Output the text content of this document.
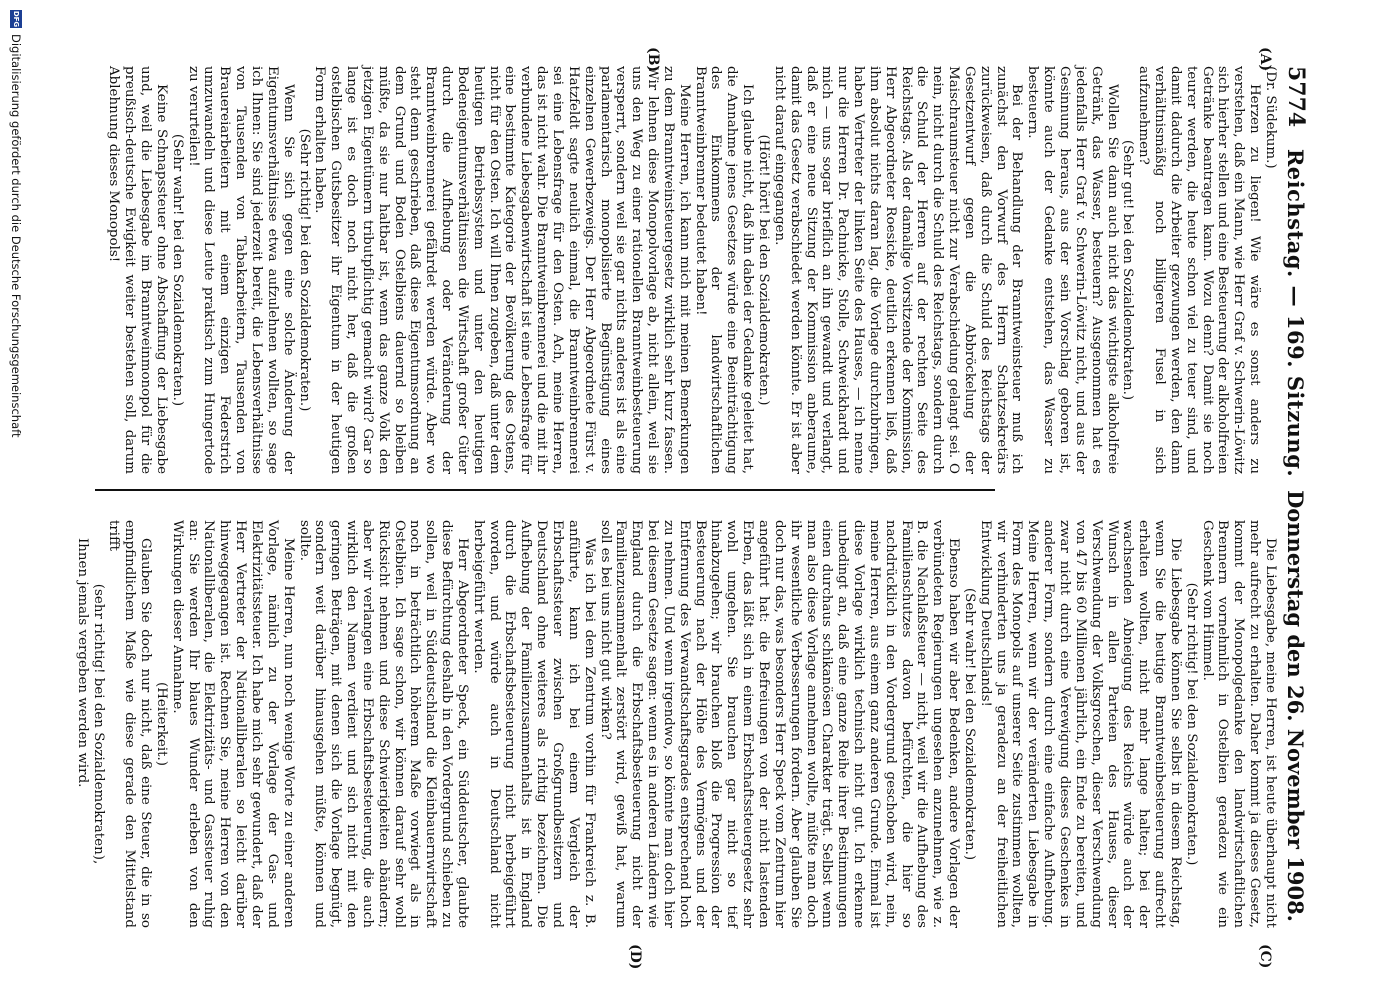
5774
Reichstag. — 169. Sitzung.
Donnerstag den 26. November 1908.
(A)
(B)
(C)
(D)

(Dr. Südekum.)

Herzen zu liegen! Wie wäre es sonst anders zu verstehen, daß ein Mann, wie Herr Graf v. Schwerin-Löwitz sich hierher stellen und eine Besteuerung der alkoholfreien Getränke beantragen kann. Wozu denn? Damit sie noch teurer werden, die heute schon viel zu teuer sind, und damit dadurch die Arbeiter gezwungen werden, den dann verhältnismäßig noch billigeren Fusel in sich aufzunehmen?

(Sehr gut! bei den Sozialdemokraten.)

Wollen Sie dann auch nicht das wichtigste alkoholfreie Getränk, das Wasser, besteuern? Ausgenommen hat es jedenfalls Herr Graf v. Schwerin-Löwitz nicht, und aus der Gesinnung heraus, aus der sein Vorschlag geboren ist, könnte auch der Gedanke entstehen, das Wasser zu besteuern.

Bei der Behandlung der Branntweinsteuer muß ich zunächst den Vorwurf des Herrn Schatzsekretärs zurückweisen, daß durch die Schuld des Reichstags der Gesetzentwurf gegen die Abbröckelung der Maischraumsteuer nicht zur Verabschiedung gelangt sei. O nein, nicht durch die Schuld des Reichstags, sondern durch die Schuld der Herren auf der rechten Seite des Reichstags. Als der damalige Vorsitzende der Kommission, Herr Abgeordneter Roesicke, deutlich erkennen ließ, daß ihm absolut nichts daran lag, die Vorlage durchzubringen, haben Vertreter der linken Seite des Hauses, — ich nenne nur die Herren Dr. Pachnicke, Stolle, Schweickhardt und mich — uns sogar brieflich an ihn gewandt und verlangt, daß er eine neue Sitzung der Kommission anberaume, damit das Gesetz verabschiedet werden könnte. Er ist aber nicht darauf eingegangen.

(Hört! hört! bei den Sozialdemokraten.)

Ich glaube nicht, daß ihn dabei der Gedanke geleitet hat, die Annahme jenes Gesetzes würde eine Beeinträchtigung des Einkommens der landwirtschaftlichen Branntweinbrenner bedeutet haben!

Meine Herren, ich kann mich mit meinen Bemerkungen zu dem Branntweinsteuergesetz wirklich sehr kurz fassen. Wir lehnen diese Monopolvorlage ab, nicht allein, weil sie uns den Weg zu einer rationellen Branntweinbesteuerung versperrt, sondern weil sie gar nichts anderes ist als eine parlamentarisch monopolisierte Begünstigung eines einzelnen Gewerbezweigs. Der Herr Abgeordnete Fürst v. Hatzfeldt sagte neulich einmal, die Branntweinbrennerei sei eine Lebensfrage für den Osten. Ach, meine Herren, das ist nicht wahr. Die Branntweinbrennerei und die mit ihr verbundene Liebesgabenwirtschaft ist eine Lebensfrage für eine bestimmte Kategorie der Bevölkerung des Ostens, nicht für den Osten. Ich will Ihnen zugeben, daß unter dem heutigen Betriebssystem und unter den heutigen Bodeneigentumsverhältnissen die Wirtschaft großer Güter durch die Aufhebung oder Veränderung der Branntweinbrennerei gefährdet werden würde. Aber wo steht denn geschrieben, daß diese Eigentumsordnung an dem Grund und Boden Ostelbiens dauernd so bleiben müßte, da sie nur haltbar ist, wenn das ganze Volk den jetzigen Eigentümern tributpflichtig gemacht wird? Gar so lange ist es doch noch nicht her, daß die großen ostelbischen Gutsbesitzer ihr Eigentum in der heutigen Form erhalten haben.

(Sehr richtig! bei den Sozialdemokraten.)

Wenn Sie sich gegen eine solche Änderung der Eigentumsverhältnisse etwa aufzulehnen wollten, so sage ich Ihnen: Sie sind jederzeit bereit, die Lebensverhältnisse von Tausenden von Tabakarbeitern, Tausenden von Brauereiarbeitern mit einem einzigen Federstrich umzuwandeln und diese Leute praktisch zum Hungertode zu verurteilen!

(Sehr wahr! bei den Sozialdemokraten.)

Keine Schnapssteuer ohne Abschaffung der Liebesgabe und, weil die Liebesgabe im Branntweinmonopol für die preußisch-deutsche Ewigkeit weiter bestehen soll, darum Ablehnung dieses Monopols!

Die Liebesgabe, meine Herren, ist heute überhaupt nicht mehr aufrecht zu erhalten. Daher kommt ja dieses Gesetz, kommt der Monopolgedanke den landwirtschaftlichen Brennern vornehmlich in Ostelbien geradezu wie ein Geschenk vom Himmel.

(Sehr richtig! bei den Sozialdemokraten.)

Die Liebesgabe können Sie selbst in diesem Reichstag, wenn Sie die heutige Branntweinbesteuerung aufrecht erhalten wollten, nicht mehr lange halten; bei der wachsenden Abneigung des Reichs würde auch der Wunsch in allen Parteien des Hauses, dieser Verschwendung der Volksgroschen, dieser Verschwendung von 47 bis 60 Millionen jährlich, ein Ende zu bereiten, und zwar nicht durch eine Verewigung dieses Geschenkes in anderer Form, sondern durch eine einfache Aufhebung. Meine Herren, wenn wir der veränderten Liebesgabe in Form des Monopols auf unserer Seite zustimmen wollten, wir verhinderten uns ja geradezu an der freiheitlichen Entwicklung Deutschlands!

(Sehr wahr! bei den Sozialdemokraten.)

Ebenso haben wir aber Bedenken, andere Vorlagen der verbündeten Regierungen ungesehen anzunehmen, wie z. B. die Nachlaßsteuer — nicht, weil wir die Aufhebung des Familienschutzes davon befürchten, die hier so nachdrücklich in den Vordergrund geschoben wird, nein, meine Herren, aus einem ganz anderen Grunde. Einmal ist diese Vorlage wirklich technisch nicht gut. Ich erkenne unbedingt an, daß eine ganze Reihe ihrer Bestimmungen einen durchaus schikanösen Charakter trägt. Selbst wenn man also diese Vorlage annehmen wollte, müßte man doch ihr wesentliche Verbesserungen fordern. Aber glauben Sie doch nur das, was besonders Herr Speck vom Zentrum hier angeführt hat: die Befreiungen von der nicht lastenden Erben, das läßt sich in einem Erbschaftssteuergesetz sehr wohl umgehen. Sie brauchen gar nicht so tief hinabzugehen; wir brauchen bloß die Progression der Besteuerung nach der Höhe des Vermögens und der Entfernung des Verwandtschaftsgrades entsprechend hoch zu nehmen. Und wenn irgendwo, so könnte man doch hier bei diesem Gesetze sagen: wenn es in anderen Ländern wie England durch die Erbschaftsbesteuerung nicht der Familienzusammenhalt zerstört wird, gewiß hat, warum soll es bei uns nicht gut wirken?

Was ich bei dem Zentrum vorhin für Frankreich z. B. anführte, kann ich bei einem Vergleich der Erbschaftssteuer zwischen Großgrundbesitzern und Deutschland ohne weiteres als richtig bezeichnen. Die Aufhebung der Familienzusammenhalts ist in England durch die Erbschaftsbesteuerung nicht herbeigeführt worden, und würde auch in Deutschland nicht herbeigeführt werden.

Herr Abgeordneter Speck, ein Süddeutscher, glaubte diese Befürchtung deshalb in den Vordergrund schieben zu sollen, weil in Süddeutschland die Kleinbauernwirtschaft noch in beträchtlich höherem Maße vorwiegt als in Ostelbien. Ich sage schon, wir können darauf sehr wohl Rücksicht nehmen und diese Schwierigkeiten abändern; aber wir verlangen eine Erbschaftsbesteuerung, die auch wirklich den Namen verdient und sich nicht mit den geringen Beträgen, mit denen sich die Vorlage begnügt, sondern weit darüber hinausgehen müßte, können und sollte.

Meine Herren, nun noch wenige Worte zu einer anderen Vorlage, nämlich zu der Vorlage der Gas- und Elektrizitätssteuer. Ich habe mich sehr gewundert, daß der Herr Vertreter der Nationalliberalen so leicht darüber hinweggegangen ist. Rechnen Sie, meine Herren von den Nationalliberalen, die Elektrizitäts- und Gassteuer ruhig an: Sie werden Ihr blaues Wunder erleben von den Wirkungen dieser Annahme.

(Heiterkeit.)

Glauben Sie doch nur nicht, daß eine Steuer, die in so empfindlichem Maße wie diese gerade den Mittelstand trifft

(sehr richtig! bei den Sozialdemokraten),

Ihnen jemals vergeben werden wird.

DFG
Digitalisierung gefördert durch die Deutsche Forschungsgemeinschaft
